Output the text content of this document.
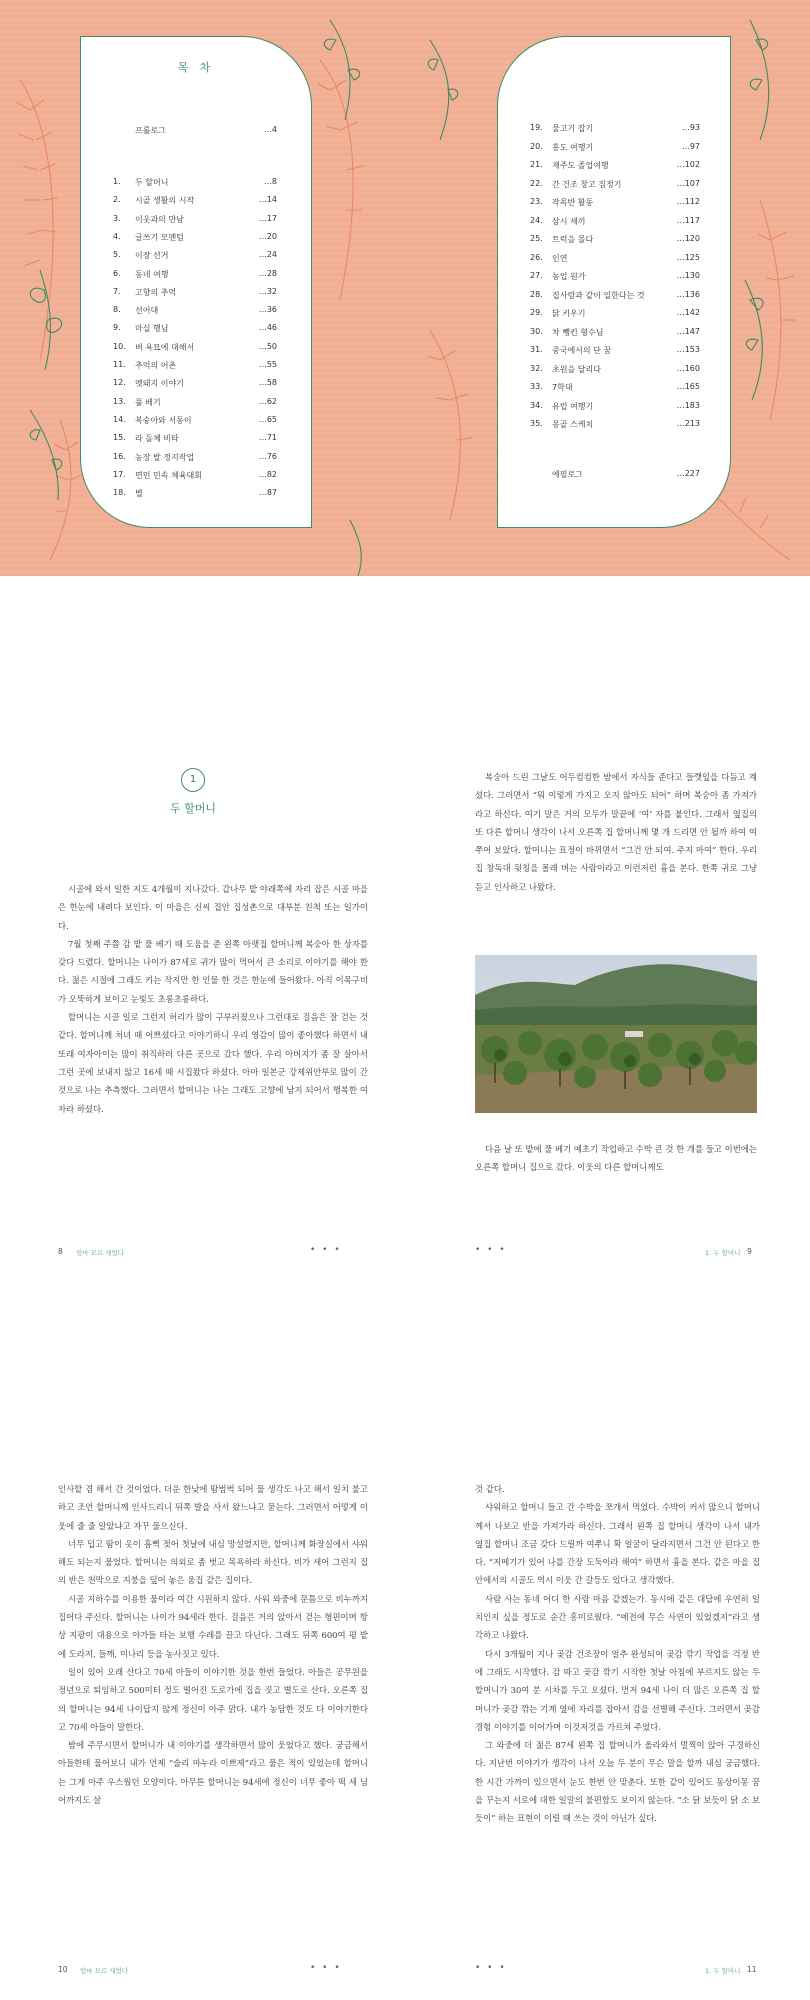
목 차
프롤로그	…4
1.	두 할머니	…8
2.	시골 생활의 시작	…14
3.	이웃과의 만남	…17
4.	글쓰기 모멘텀	…20
5.	이장 선거	…24
6.	동네 여행	…28
7.	고향의 추억	…32
8.	선어대	…36
9.	마실 행님	…46
10.	벼 욕묘에 대해서	…50
11.	추억의 어촌	…55
12.	멧돼지 이야기	…58
13.	풀 베기	…62
14.	복숭아와 서동이	…65
15.	라 돌체 비타	…71
16.	농장 발 정지작업	…76
17.	면민 민속 체육대회	…82
18.	별	…87
19.	물고기 잡기	…93
20.	홍도 여행기	…97
21.	제주도 졸업여행	…102
22.	간 건조 창고 짐정기	…107
23.	작목반 활동	…112
24.	삼시 세끼	…117
25.	트럭을 몰다	…120
26.	인연	…125
27.	농업 원가	…130
28.	집사람과 같이 일한다는 것	…136
29.	닭 키우기	…142
30.	차 뺑킨 형수님	…147
31.	중국에서의 단 꿈	…153
32.	초원을 달리다	…160
33.	7학대	…165
34.	유럽 여행기	…183
35.	몽골 스케치	…213
에필로그	…227
1
두 할머니

시골에 와서 일한 지도 4개월이 지나갔다. 갑나무 밭 야래쪽에 자리 잡은 시골 마을은 한눈에 내려다 보인다. 이 마을은 신씨 집안 집성촌으로 대부분 친척 또는 일가이다.

7월 첫째 주쯤 감 밭 풀 베기 때 도움을 준 왼쪽 아랫집 할머니께 복숭아 한 상자를 갖다 드렸다. 할머니는 나이가 87세로 귀가 많이 먹어서 큰 소리로 이야기를 해야 한다. 젊은 시절에 그래도 키는 작지만 한 인물 한 것은 한눈에 들어왔다. 아직 이목구비가 오뚝하게 보이고 눈빛도 초롱초롱하다.

할머니는 시골 일로 그런지 허리가 많이 구부러졌으나 그런대로 걸음은 잘 걷는 것 같다. 할머니께 처녀 때 어쁘셨다고 이야기하니 우리 영감이 많이 좋아했다 하면서 내 또래 여자아이는 많이 취직하러 다른 곳으로 갔다 했다. 우리 아버지가 좀 잘 살아서 그런 곳에 보내지 않고 16세 때 시집왔다 하셨다. 아마 일본군 강제위안부로 많이 간 것으로 나는 추측했다. 그러면서 할머니는 나는 그래도 고향에 남지 되어서 행복한 여자라 하셨다.

8 엄마 모르 새었다	• • •

복숭아 드린 그날도 어두컴컴한 밤에서 자식들 준다고 들깻잎을 다듬고 계셨다. 그러면서 “뭐 이렇게 가지고 오지 않아도 되어” 하며 복숭아 좀 가져가라고 하신다. 여기 말은 거의 모두가 말끝에 ‘여’ 자를 붙인다. 그래서 옆집의 또 다른 할머니 생각이 나서 오른쪽 집 할머니께 몇 개 드리면 안 될까 하여 여쭈어 보았다. 할머니는 표정이 바뀌면서 “그건 안 되여. 주지 마여” 한다. 우리 집 창독대 뒷칭을 몰래 버는 사람이라고 이런저런 흉을 본다. 한쪽 귀로 그냥 듣고 인사하고 나왔다.

다음 날 또 밭에 풀 베기 예초기 작업하고 수박 큰 것 한 개를 들고 이번에는 오른쪽 할머니 집으로 갔다. 이웃의 다른 할머니께도

• • •	1. 두 할머니 9

인사할 겸 해서 간 것이었다. 더운 한낮에 땀범벅 되어 물 생각도 나고 해서 일치 불고하고 조언 할머니께 인사드리니 뒤쪽 발을 사서 왔느냐고 묻는다. 그러면서 어떻게 이웃에 줄 줄 알았냐고 자꾸 물으신다.

너무 덥고 땀이 옷이 흠뻑 젖어 첫날에 내심 망설였지만, 할머니께 화장실에서 샤워해도 되는지 물었다. 할머니는 의외로 좀 벗고 목욕하라 하신다. 비가 새어 그런지 집의 반은 천막으로 지붕을 덮어 놓은 움집 같은 집이다.

시골 지하수를 이용한 물이라 여간 시원하지 않다. 사워 와중에 문틈으로 비누까지 집어다 주신다. 할머니는 나이가 94세라 한다. 걸음은 거의 앉아서 걷는 형편이며 항상 지팡이 대용으로 야가들 타는 보행 수레를 끌고 다닌다. 그래도 뒤쪽 600여 평 밭에 도라지, 들깨, 미나리 등을 농사짓고 있다.

일이 있어 오래 산다고 70세 아들이 이야기한 것을 한번 들었다. 아들은 공무원을 정년으로 퇴임하고 500미터 정도 떨어진 도로가에 집을 짓고 별도로 산다. 오른쪽 집의 할머니는 94세 나이답지 않게 정신이 아주 맑다. 내가 농담한 것도 다 이야기한다고 70세 아들이 말한다.

밤에 주무시면서 할머니가 내 이야기를 생각하면서 많이 웃었다고 했다. 궁금해서 아들한테 물어보니 내가 언제 “술리 마누라 이쁘제”라고 물은 적이 있었는데 할머니는 그게 아주 우스웠던 모양이다. 아무튼 할머니는 94세에 정신이 너무 좋아 떡 세 님어까지도 살

10 엄마 모르 새었다	• • •

것 같다.

샤워하고 할머니 들고 간 수박을 쪼개서 먹었다. 수박이 커서 많으니 할머니께서 나보고 반을 가져가라 하신다. 그래서 왼쪽 집 할머니 생각이 나서 내가 옆집 할머니 조금 갖다 드릴까 여쭈니 확 얼굴이 달라지면서 그건 안 된다고 한다. “저메기가 있어 나를 간장 도둑이라 해여” 하면서 흉을 본다. 같은 마을 집안에서의 시골도 역시 이웃 간 갈등도 있다고 생각했다.

사람 사는 동네 어디 한 사람 마음 같겠는가. 동시에 같은 대답에 우연히 일치인지 싶을 정도로 순간 흥미로웠다. “예전에 무슨 사연이 있었겠지”라고 생각하고 나왔다.

다시 3개월이 지나 곶감 건조장이 얼추 완성되어 곶감 깎기 작업을 걱정 반에 그래도 시작했다. 감 따고 곶감 깎기 시작한 첫날 아침에 부르지도 않는 두 할머니가 30여 분 시차를 두고 오셨다. 먼저 94세 나이 더 많은 오른쪽 집 할머니가 곶감 깎는 기계 옆에 자리를 잡아서 감을 선별해 주신다. 그러면서 곶감 경험 이야기를 이어가며 이것저것을 가르쳐 주었다.

그 와중에 더 젊은 87세 왼쪽 집 할머니가 올라와서 멀찍이 앉아 구경하신다. 지난번 이야기가 생각이 나서 오늘 두 분이 무슨 말을 할까 내심 궁금했다. 한 시간 가까이 있으면서 눈도 한번 안 맞춘다. 또한 같이 있어도 동상이몽 꿈을 꾸는지 서로에 대한 일말의 불편함도 보이지 않는다. “소 닭 보듯이 닭 소 보듯이” 하는 표현이 이럴 때 쓰는 것이 아닌가 싶다.

• • •	1. 두 할머니 11
